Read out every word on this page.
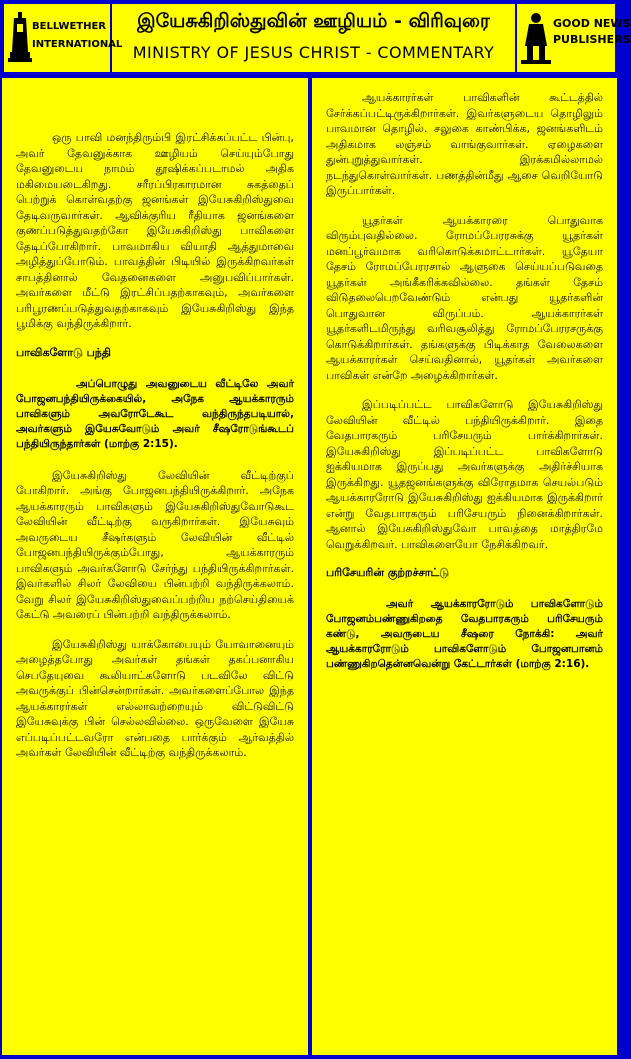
BELLWETHER INTERNATIONAL
இயேசுகிறிஸ்துவின் ஊழியம் - விரிவுரை
MINISTRY OF JESUS CHRIST - COMMENTARY
GOOD NEWS PUBLISHERS

ஒரு பாவி மனந்திரும்பி இரட்சிக்கப்பட்ட பின்பு, அவர் தேவனுக்காக ஊழியம் செய்யும்போது தேவனுடைய நாமம் தூஷிக்கப்படாமல் அதிக மகிமையடைகிறது. சரீரப்பிரகாரமான சுகத்தைப் பெற்றுக் கொள்வதற்கு ஜனங்கள் இயேசுகிறிஸ்துவை தேடிவருவார்கள். ஆவிக்குரிய ரீதியாக ஜனங்களை குணப்படுத்துவதற்கோ இயேசுகிறிஸ்து பாவிகளை தேடிப்போகிறார். பாவமாகிய வியாதி ஆத்துமாவை அழித்துப்போடும். பாவத்தின் பிடியில் இருக்கிறவர்கள் சாபத்தினால் வேதனைகளை அனுபவிப்பார்கள். அவர்களை மீட்டு இரட்சிப்பதற்காகவும், அவர்களை பரிபூரணப்படுத்துவதற்காகவும் இயேசுகிறிஸ்து இந்த பூமிக்கு வந்திருக்கிறார்.

பாவிகளோடு பந்தி

அப்பொழுது அவனுடைய வீட்டிலே அவர் போஜனபந்தியிருக்கையில், அநேக ஆயக்காரரும் பாவிகளும் அவரோடேகூட வந்திருந்தபடியால், அவர்களும் இயேசுவோடும் அவர் சீஷரோடுங்கூடப் பந்தியிருந்தார்கள் (மாற்கு 2:15).

இயேசுகிறிஸ்து லேவியின் வீட்டிற்குப் போகிறார். அங்கு போஜனபந்தியிருக்கிறார். அநேக ஆயக்காரரும் பாவிகளும் இயேசுகிறிஸ்துவோடுகூட லேவியின் வீட்டிற்கு வருகிறார்கள். இயேசுவும் அவருடைய சீஷர்களும் லேவியின் வீட்டில் போஜனபந்தியிருக்கும்போது, ஆயக்காரரும் பாவிகளும் அவர்களோடு சேர்ந்து பந்தியிருக்கிறார்கள். இவர்களில் சிலர் லேவியை பின்பற்றி வந்திருக்கலாம். வேறு சிலர் இயேசுகிறிஸ்துவைப்பற்றிய நற்செய்தியைக் கேட்டு அவரைப் பின்பற்றி வந்திருக்கலாம்.

இயேசுகிறிஸ்து யாக்கோபையும் யோவானையும் அழைத்தபோது அவர்கள் தங்கள் தகப்பனாகிய செபதேயுவை கூலியாட்களோடு படவிலே விட்டு அவருக்குப் பின்சென்றார்கள். அவர்களைப்போல இந்த ஆயக்காரர்கள் எல்லாவற்றையும் விட்டுவிட்டு இயேசுவுக்கு பின் செல்லவில்லை. ஒருவேளை இயேசு எப்படிப்பட்டவரோ என்பதை பார்க்கும் ஆர்வத்தில் அவர்கள் லேவியின் வீட்டிற்கு வந்திருக்கலாம்.

ஆயக்காரர்கள் பாவிகளின் கூட்டத்தில் சேர்க்கப்பட்டிருக்கிறார்கள். இவர்களுடைய தொழிலும் பாவமான தொழில். சலுகை காண்பிக்க, ஜனங்களிடம் அதிகமாக லஞ்சம் வாங்குவார்கள். ஏழைகளை துன்புறுத்துவார்கள். இரக்கமில்லாமல் நடந்துகொள்வார்கள். பணத்தின்மீது ஆசை வெறியோடு இருப்பார்கள்.

யூதர்கள் ஆயக்காரரை பொதுவாக விரும்புவதில்லை. ரோமப்பேரரசுக்கு யூதர்கள் மனப்பூர்வமாக வரிகொடுக்கமாட்டார்கள். யூதேயா தேசம் ரோமப்பேரரசால் ஆளுகை செய்யப்படுவதை யூதர்கள் அங்கீகரிக்கவில்லை. தங்கள் தேசம் விடுதலைபெறவேண்டும் என்பது யூதர்களின் பொதுவான விருப்பம். ஆயக்காரர்கள் யூதர்களிடமிருந்து வரிவசூலித்து ரோமப்பேரரசருக்கு கொடுக்கிறார்கள். தங்களுக்கு பிடிக்காத வேலைகளை ஆயக்காரர்கள் செய்வதினால், யூதர்கள் அவர்களை பாவிகள் என்றே அழைக்கிறார்கள்.

இப்படிப்பட்ட பாவிகளோடு இயேசுகிறிஸ்து லேவியின் வீட்டில் பந்தியிருக்கிறார். இதை வேதபாரகரும் பரிசேயரும் பார்க்கிறார்கள். இயேசுகிறிஸ்து இப்படிப்பட்ட பாவிகளோடு ஐக்கியமாக இருப்பது அவர்களுக்கு அதிர்ச்சியாக இருக்கிறது. யூதஜனங்களுக்கு விரோதமாக செயல்படும் ஆயக்காரரோடு இயேசுகிறிஸ்து ஐக்கியமாக இருக்கிறார் என்று வேதபாரகரும் பரிசேயரும் நினைக்கிறார்கள். ஆனால் இயேசுகிறிஸ்துவோ பாவத்தை மாத்திரமே வெறுக்கிறவர். பாவிகளையோ நேசிக்கிறவர்.

பரிசேயரின் குற்றச்சாட்டு

அவர் ஆயக்காரரோடும் பாவிகளோடும் போஜனம்பண்ணுகிறதை வேதபாரகரும் பரிசேயரும் கண்டு, அவருடைய சீஷரை நோக்கி: அவர் ஆயக்காரரோடும் பாவிகளோடும் போஜனபானம் பண்ணுகிறதென்னவென்று கேட்டார்கள் (மாற்கு 2:16).
